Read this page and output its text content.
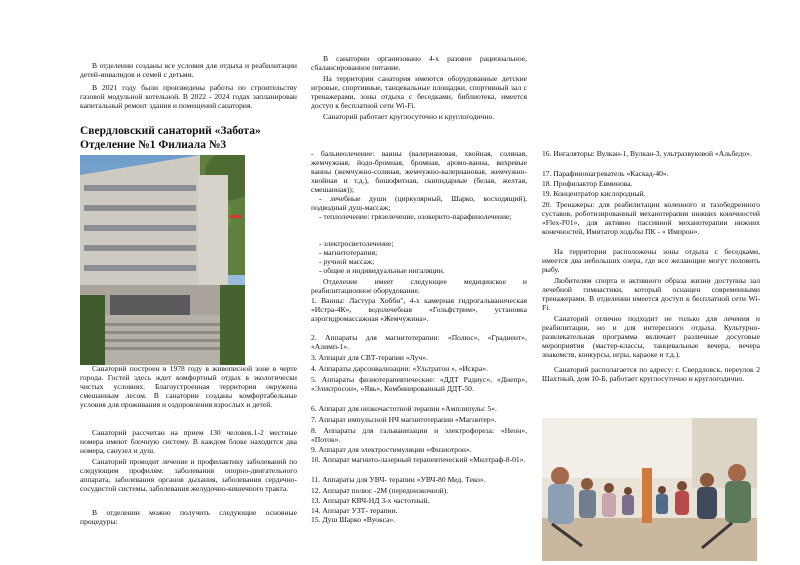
В отделении созданы все условия для отдыха и реабилитации детей-инвалидов и семей с детьми.

В 2021 году были произведены работы по строительству газовой модульной котельной. В 2022 - 2024 годах запланирован капитальный ремонт здания и помещений санатория.

Свердловский санаторий «Забота»
Отделение №1 Филиала №3

Санаторий построен в 1978 году в живописной зоне в черте города. Гостей здесь ждет комфортный отдых в экологически чистых условиях. Благоустроенная территория окружена смешанным лесом. В санатории созданы комфортабельные условия для проживания и оздоровления взрослых и детей.

Санаторий рассчитан на прием 130 человек.1-2 местные номера имеют блочную систему. В каждом блоке находится два номера, санузел и душ.

Санаторий проводит лечение и профилактику заболеваний по следующим профилям: заболевания опорно-двигательного аппарата, заболевания органов дыхания, заболевания сердечно-сосудистой системы, заболевания желудочно-кишечного тракта.

В отделении можно получить следующие основные процедуры:

В санатории организовано 4-х разовое рациональное, сбалансированное питание.

На территории санатория имеются оборудованные детские игровые, спортивные, танцевальные площадки, спортивный зал с тренажерами, зоны отдыха с беседками, библиотека, имеется доступ к бесплатной сети Wi-Fi.

Санаторий работает круглосуточно и круглогодично.

- бальнеолечение: ванны (валериановая, хвойная, соляная, жемчужная, йодо-бромная, бромная, аромо-ванна, вихревые ванны (жемчужно-соляная, жемчужно-валериановая, жемчужно-хвойная и т.д.), бишофитная, скипидарные (белая, желтая, смешанная));

- лечебные души (циркулярный, Шарко, восходящий), подводный душ-массаж;

- теплолечение: грязелечение, озокерито-парафинолечение;

- электросветолечение;
- магнитотерапия;
- ручной массаж;
- общие и индивидуальные ингаляции.

Отделение имеет следующее медицинское и реабилитационное оборудование.

1. Ванны: Ластура Хобби", 4-х камерная гидрогальваническая «Истра-4К», водолечебная «Гольфстрим», установка аэрогидромассажная «Жемчужина».

2. Аппараты для магнитотерапии: «Полюс», «Градиент», «Алимп-1».

3. Аппарат для СВТ-терапии «Луч».

4. Аппараты дарсонвализации: «Ультратон », «Искра».

5. Аппараты физиотерапевтические: «ДДТ Радиус», «Днепр», «Электросон», «Явь», Комбинированный ДДТ-50.

6. Аппарат для низкочастотной терапии «Амплипульс 5».

7. Аппарат импульсной НЧ магнитотерапии «Магнитер».

8. Аппараты для гальванизации и электрофореза: «Неон», «Поток».

9. Аппарат для электростимуляции «Физиотрон».

10. Аппарат магнито-лазерный терапевтический «Милтраф-8-01».

11. Аппараты для УВЧ- терапии «УВЧ-80 Мед. Теко».

12. Аппарат полюс -2М (переднизкочной).

13. Аппарат КВЧ-НД 3-х частотный.

14. Аппарат УЗТ- терапии.

15. Душ Шарко «Вуокса».

16. Ингаляторы: Вулкан-1, Вулкан-3, ультразвуковой «Альбедо».

17. Парафинонагреватель «Каскад-40».

18. Профилактор Евминова.

19. Концентратор кислородный.

20. Тренажеры: для реабилитации коленного и тазобедренного суставов, роботизированный механотерапии нижних конечностей «Flex-F01», для активно пассивной механотерапии нижних конечностей, Имитатор ходьбы ПК - « Импрон».

На территории расположены зоны отдыха с беседками, имеется два небольших озера, где все желающие могут половить рыбу.

Любителям спорта и активного образа жизни доступны зал лечебной гимнастики, который оснащен современными тренажерами. В отделении имеется доступ к бесплатной сети Wi-Fi.

Санаторий отлично подходит не только для лечения и реабилитации, но и для интересного отдыха. Культурно-развлекательная программа включает различные досуговые мероприятия (мастер-классы, танцевальные вечера, вечера знакомств, конкурсы, игры, караоке и т.д.).

Санаторий располагается по адресу: г. Свердловск, переулок 2 Шахтный, дом 10-Б, работает круглосуточно и круглогодично.
